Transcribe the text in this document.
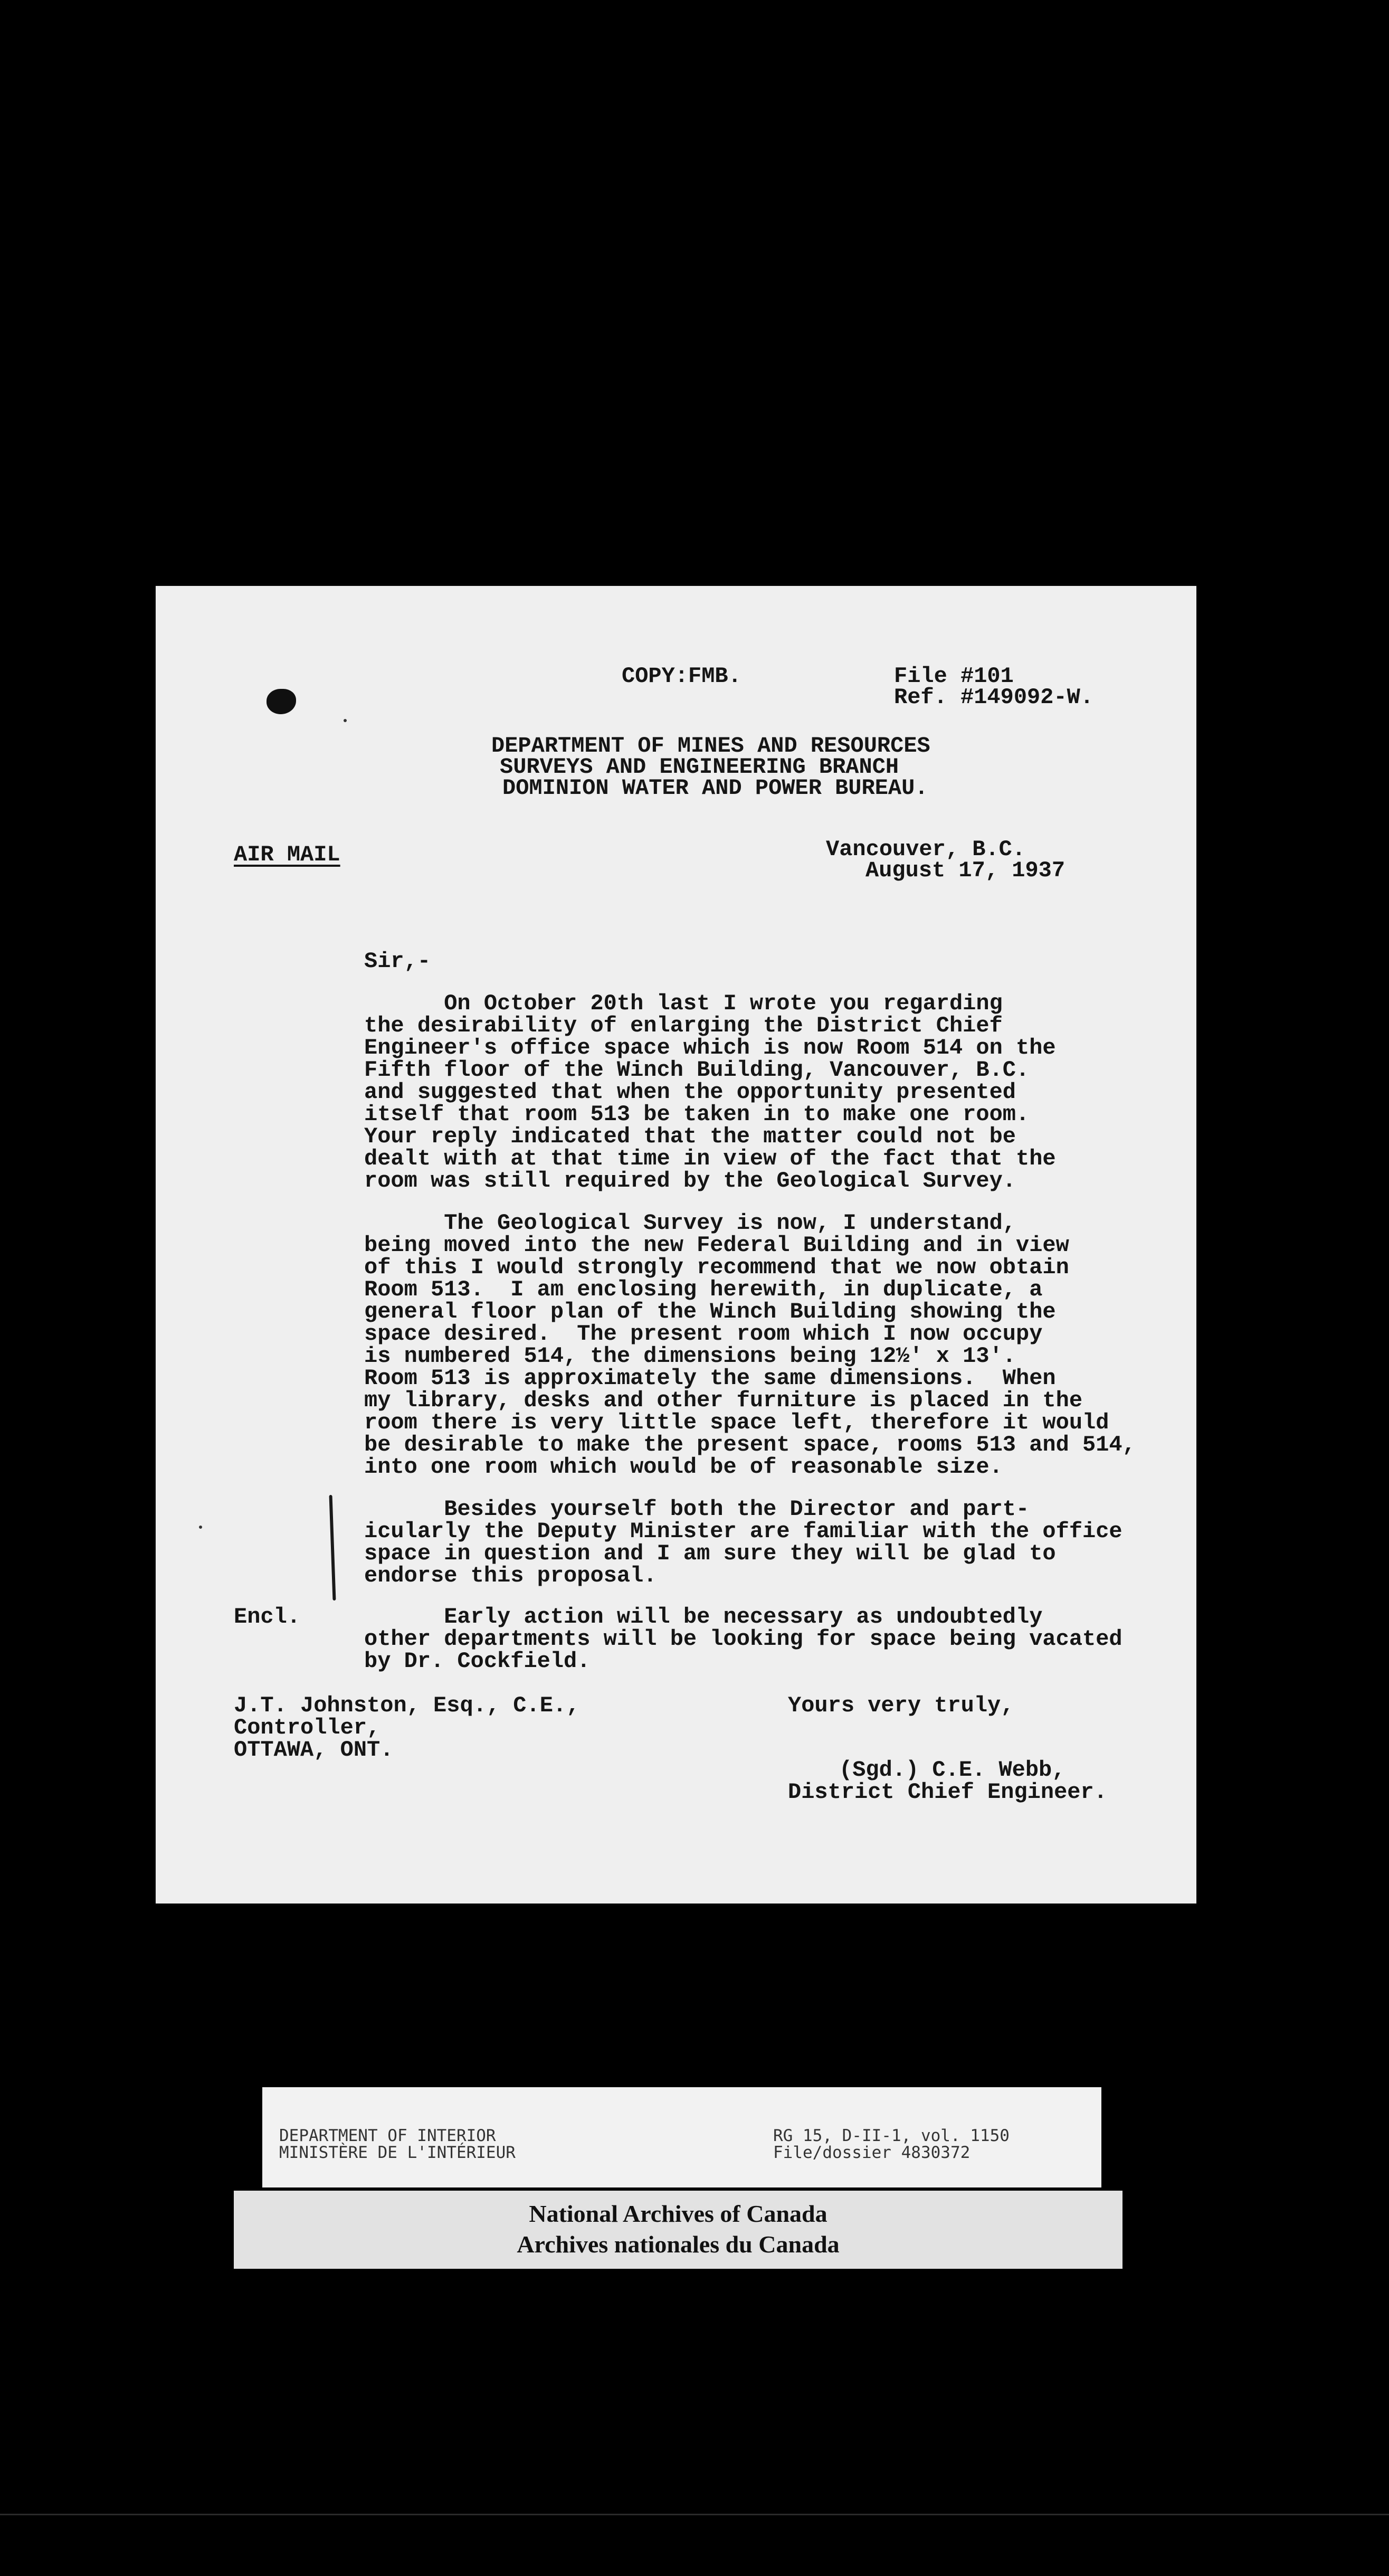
COPY:FMB.	File #101
Ref. #149092-W.
DEPARTMENT OF MINES AND RESOURCES
SURVEYS AND ENGINEERING BRANCH
DOMINION WATER AND POWER BUREAU.
AIR MAIL	Vancouver, B.C.
August 17, 1937
Sir,-
On October 20th last I wrote you regarding
the desirability of enlarging the District Chief
Engineer's office space which is now Room 514 on the
Fifth floor of the Winch Building, Vancouver, B.C.
and suggested that when the opportunity presented
itself that room 513 be taken in to make one room.
Your reply indicated that the matter could not be
dealt with at that time in view of the fact that the
room was still required by the Geological Survey.
The Geological Survey is now, I understand,
being moved into the new Federal Building and in view
of this I would strongly recommend that we now obtain
Room 513.  I am enclosing herewith, in duplicate, a
general floor plan of the Winch Building showing the
space desired.  The present room which I now occupy
is numbered 514, the dimensions being 12½' x 13'.
Room 513 is approximately the same dimensions.  When
my library, desks and other furniture is placed in the
room there is very little space left, therefore it would
be desirable to make the present space, rooms 513 and 514,
into one room which would be of reasonable size.
Besides yourself both the Director and part-
icularly the Deputy Minister are familiar with the office
space in question and I am sure they will be glad to
endorse this proposal.
Encl.	Early action will be necessary as undoubtedly
other departments will be looking for space being vacated
by Dr. Cockfield.
J.T. Johnston, Esq., C.E.,
Controller,
OTTAWA, ONT.
Yours very truly,
(Sgd.) C.E. Webb,
District Chief Engineer.
DEPARTMENT OF INTERIOR
MINISTÈRE DE L'INTÉRIEUR
RG 15, D-II-1, vol. 1150
File/dossier 4830372
National Archives of Canada
Archives nationales du Canada
